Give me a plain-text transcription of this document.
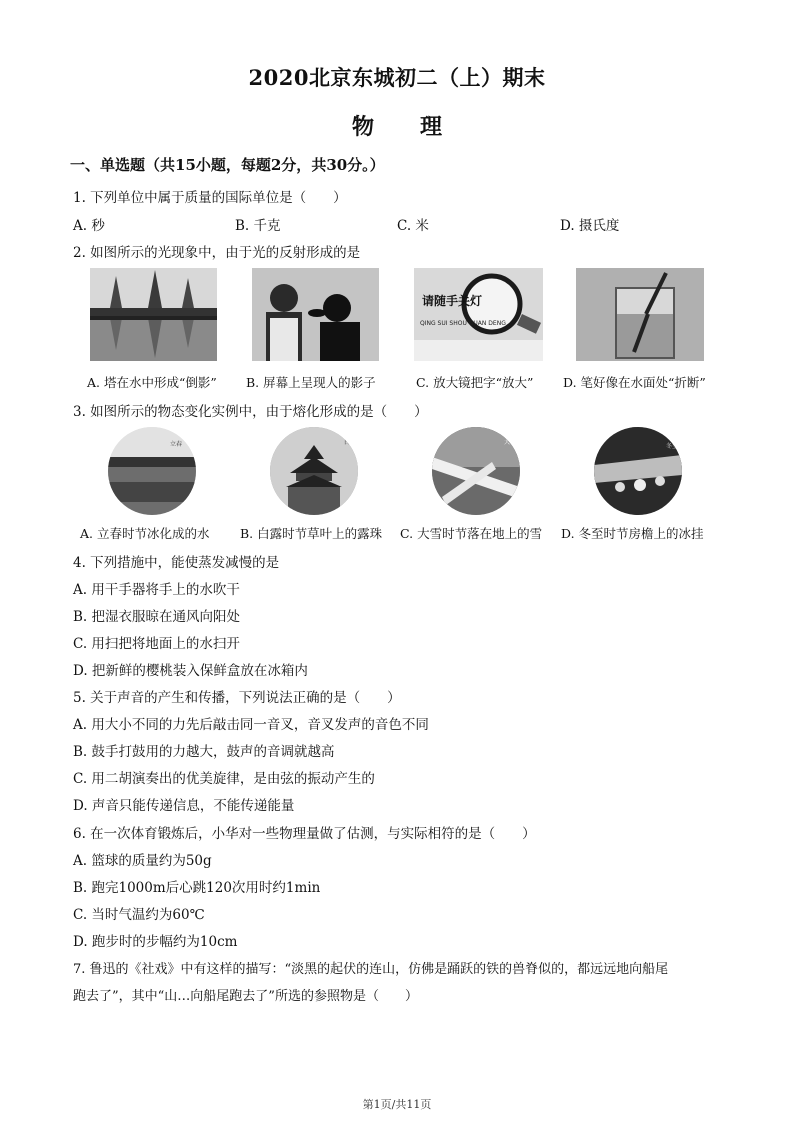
2020北京东城初二（上）期末
物理
一、单选题（共15小题，每题2分，共30分。）
1. 下列单位中属于质量的国际单位是（　　）
A. 秒	B. 千克	C. 米	D. 摄氏度
2. 如图所示的光现象中，由于光的反射形成的是
A. 塔在水中形成“倒影” B. 屏幕上呈现人的影子
请随手关灯
QING SUI SHOU GUAN DENG
C. 放大镜把字“放大” D. 笔好像在水面处“折断”
3. 如图所示的物态变化实例中，由于熔化形成的是（　　）
立春
A. 立春时节冰化成的水
白露
B. 白露时节草叶上的露珠
大雪
C. 大雪时节落在地上的雪
冬至
D. 冬至时节房檐上的冰挂
4. 下列措施中，能使蒸发减慢的是
A. 用干手器将手上的水吹干
B. 把湿衣服晾在通风向阳处
C. 用扫把将地面上的水扫开
D. 把新鲜的樱桃装入保鲜盒放在冰箱内
5. 关于声音的产生和传播，下列说法正确的是（　　）
A. 用大小不同的力先后敲击同一音叉，音叉发声的音色不同
B. 鼓手打鼓用的力越大，鼓声的音调就越高
C. 用二胡演奏出的优美旋律，是由弦的振动产生的
D. 声音只能传递信息，不能传递能量
6. 在一次体育锻炼后，小华对一些物理量做了估测，与实际相符的是（　　）
A. 篮球的质量约为50g
B. 跑完1000m后心跳120次用时约1min
C. 当时气温约为60℃
D. 跑步时的步幅约为10cm
7. 鲁迅的《社戏》中有这样的描写：“淡黑的起伏的连山，仿佛是踊跃的铁的兽脊似的，都远远地向船尾
跑去了”，其中“山…向船尾跑去了”所选的参照物是（　　）
第1页/共11页
